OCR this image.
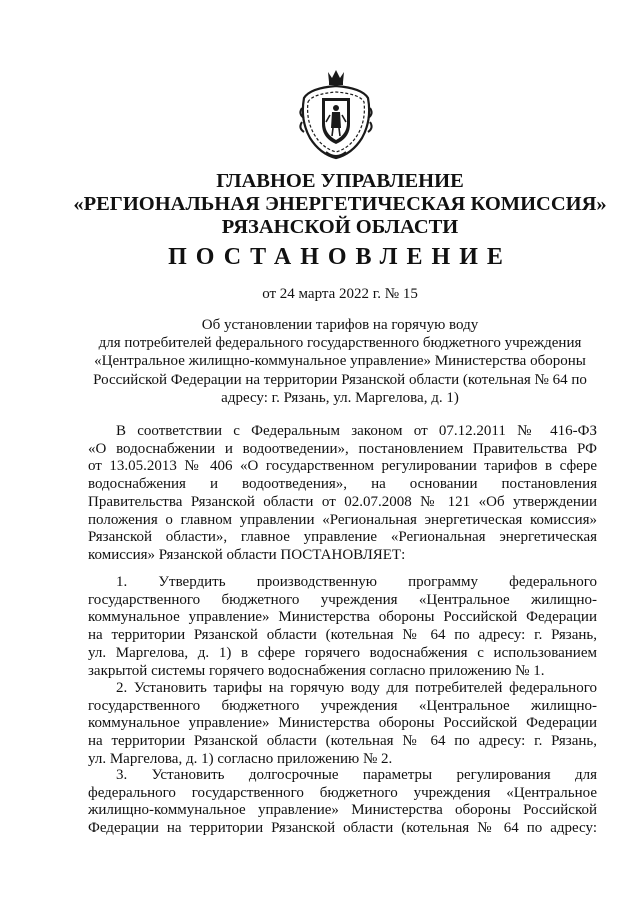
ГЛАВНОЕ УПРАВЛЕНИЕ
«РЕГИОНАЛЬНАЯ ЭНЕРГЕТИЧЕСКАЯ КОМИССИЯ»
РЯЗАНСКОЙ ОБЛАСТИ
ПОСТАНОВЛЕНИЕ
от 24 марта 2022 г. № 15
Об установлении тарифов на горячую воду
для потребителей федерального государственного бюджетного учреждения
«Центральное жилищно-коммунальное управление» Министерства обороны
Российской Федерации на территории Рязанской области (котельная № 64 по
адресу: г. Рязань, ул. Маргелова, д. 1)
В соответствии с Федеральным законом от 07.12.2011 № 416-ФЗ
«О водоснабжении и водоотведении», постановлением Правительства РФ
от 13.05.2013 № 406 «О государственном регулировании тарифов в сфере
водоснабжения и водоотведения», на основании постановления
Правительства Рязанской области от 02.07.2008 № 121 «Об утверждении
положения о главном управлении «Региональная энергетическая комиссия»
Рязанской области», главное управление «Региональная энергетическая
комиссия» Рязанской области ПОСТАНОВЛЯЕТ:
1. Утвердить производственную программу федерального
государственного бюджетного учреждения «Центральное жилищно-
коммунальное управление» Министерства обороны Российской Федерации
на территории Рязанской области (котельная № 64 по адресу: г. Рязань,
ул. Маргелова, д. 1) в сфере горячего водоснабжения с использованием
закрытой системы горячего водоснабжения согласно приложению № 1.
2. Установить тарифы на горячую воду для потребителей федерального
государственного бюджетного учреждения «Центральное жилищно-
коммунальное управление» Министерства обороны Российской Федерации
на территории Рязанской области (котельная № 64 по адресу: г. Рязань,
ул. Маргелова, д. 1) согласно приложению № 2.
3. Установить долгосрочные параметры регулирования для
федерального государственного бюджетного учреждения «Центральное
жилищно-коммунальное управление» Министерства обороны Российской
Федерации на территории Рязанской области (котельная № 64 по адресу:
